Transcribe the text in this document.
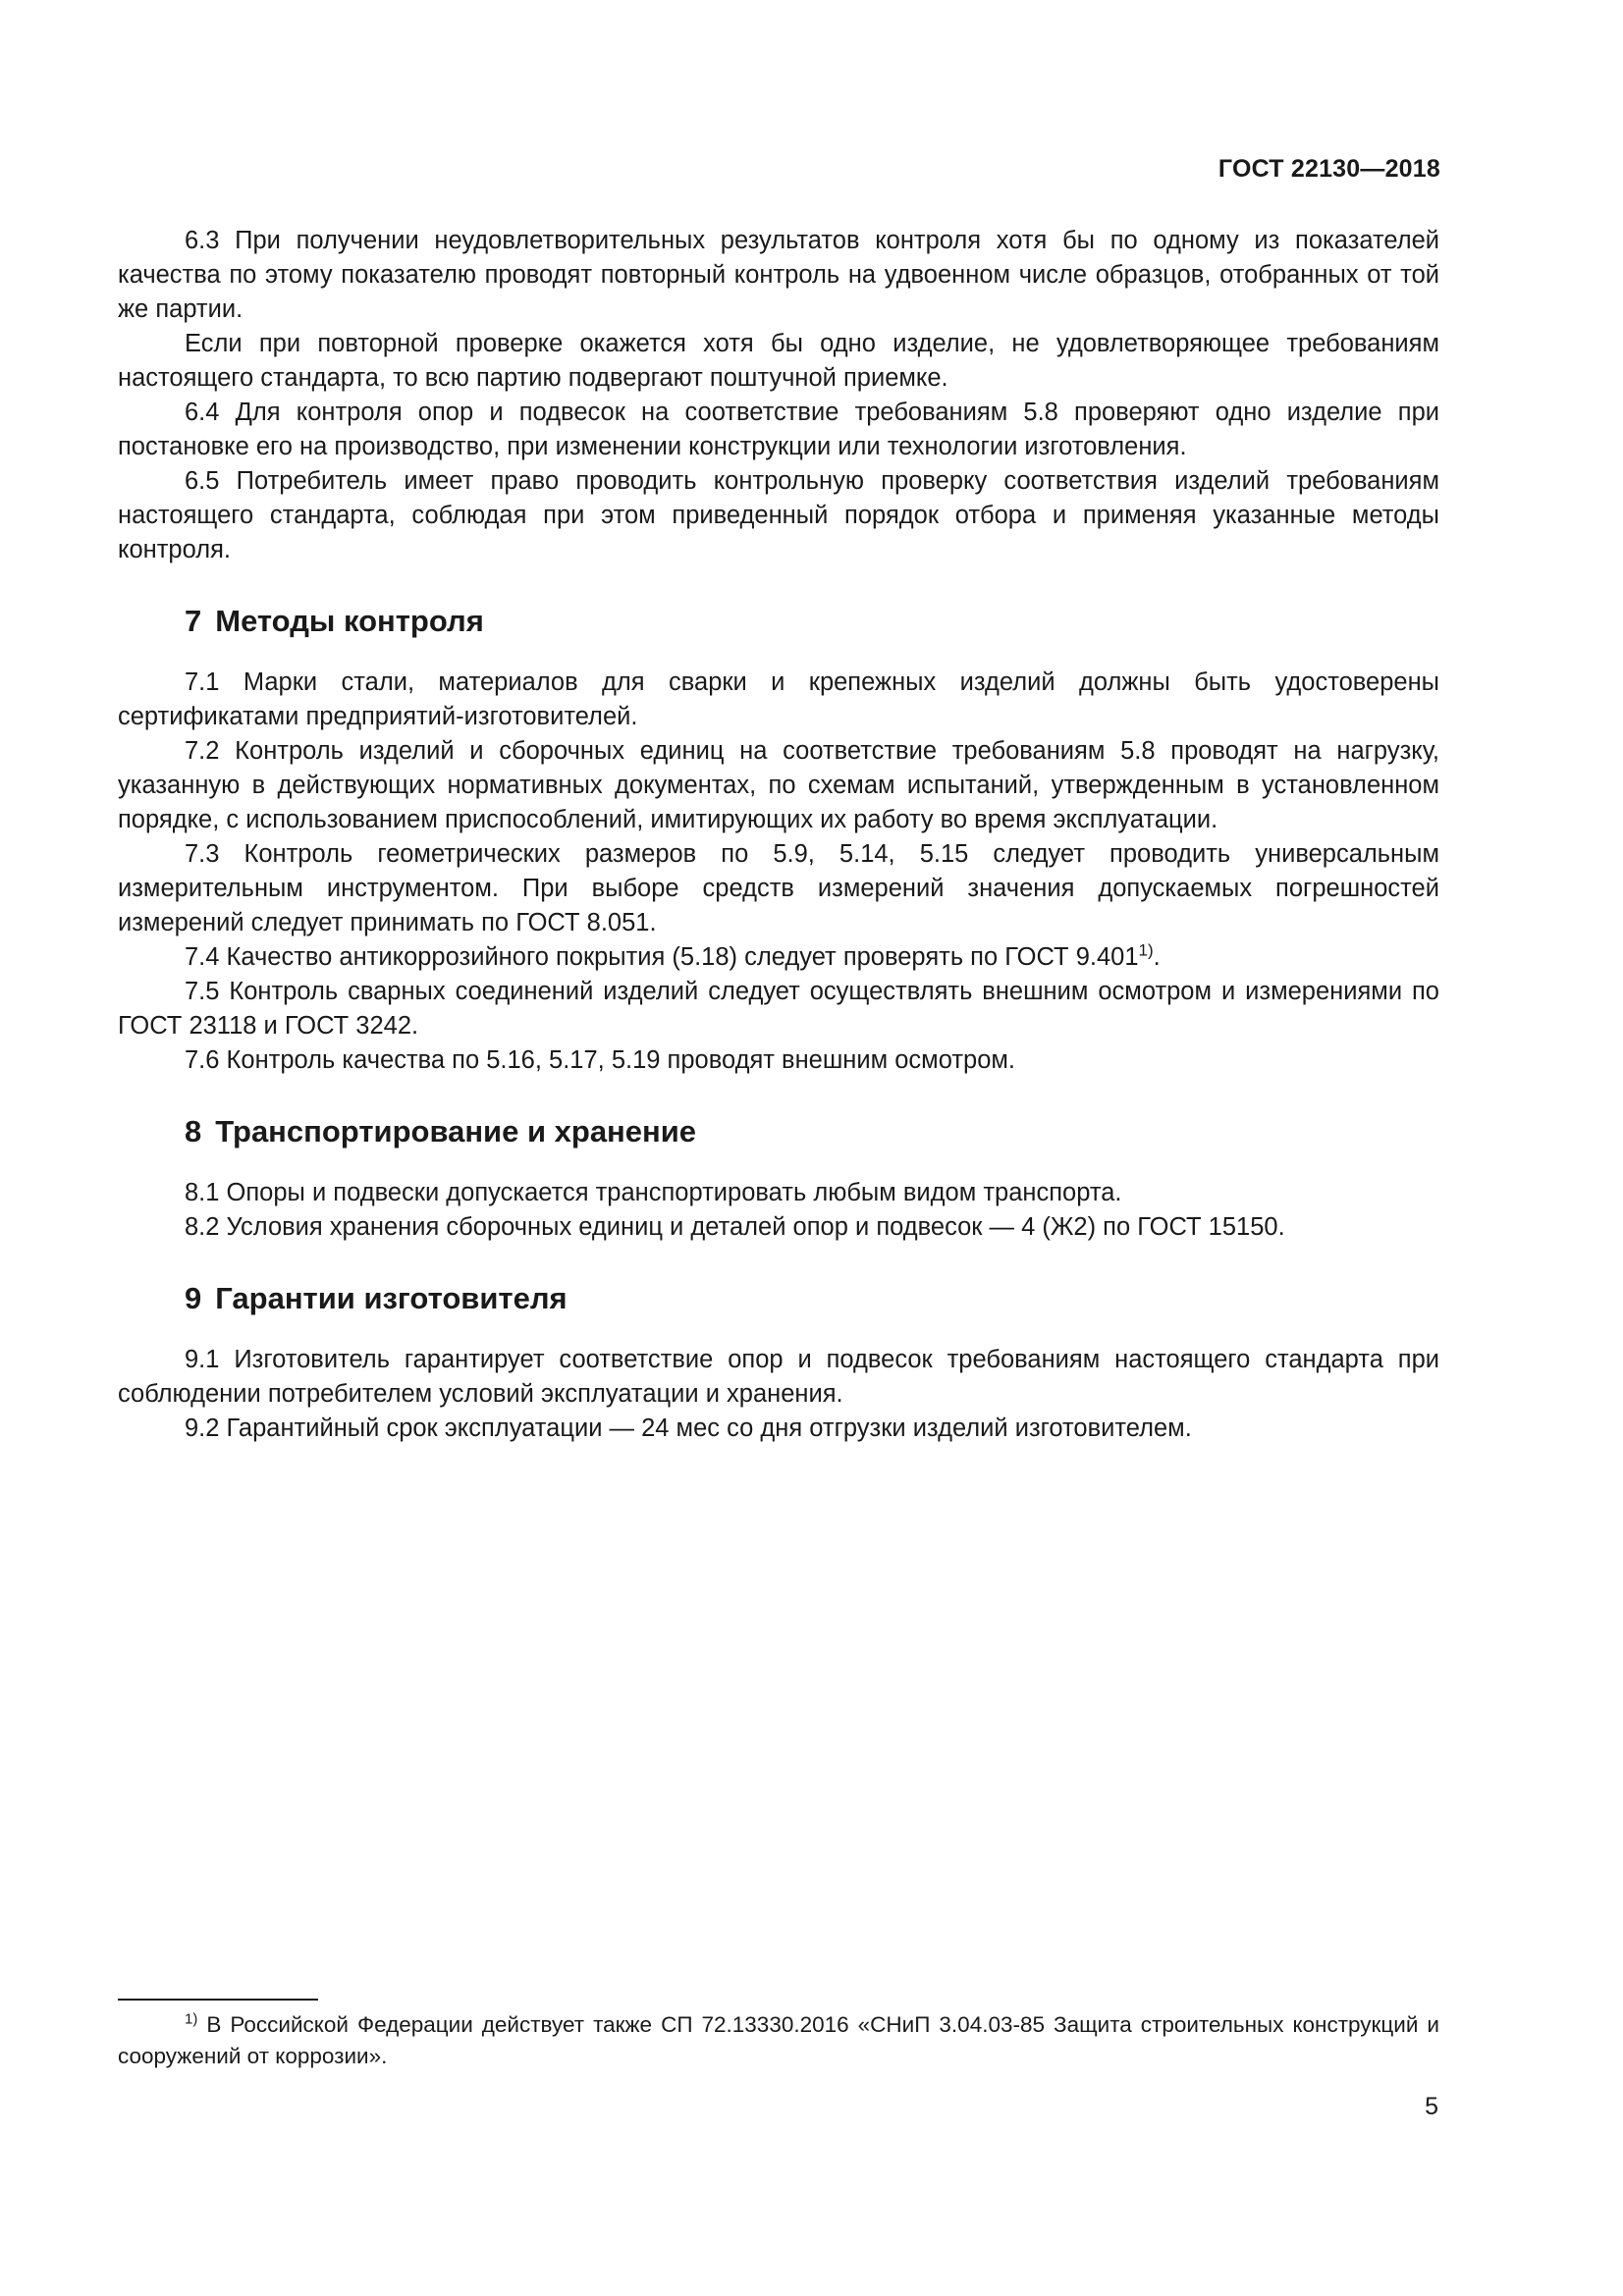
ГОСТ 22130—2018

6.3 При получении неудовлетворительных результатов контроля хотя бы по одному из показателей качества по этому показателю проводят повторный контроль на удвоенном числе образцов, отобранных от той же партии.

Если при повторной проверке окажется хотя бы одно изделие, не удовлетворяющее требованиям настоящего стандарта, то всю партию подвергают поштучной приемке.

6.4 Для контроля опор и подвесок на соответствие требованиям 5.8 проверяют одно изделие при постановке его на производство, при изменении конструкции или технологии изготовления.

6.5 Потребитель имеет право проводить контрольную проверку соответствия изделий требованиям настоящего стандарта, соблюдая при этом приведенный порядок отбора и применяя указанные методы контроля.

7 Методы контроля

7.1 Марки стали, материалов для сварки и крепежных изделий должны быть удостоверены сертификатами предприятий-изготовителей.

7.2 Контроль изделий и сборочных единиц на соответствие требованиям 5.8 проводят на нагрузку, указанную в действующих нормативных документах, по схемам испытаний, утвержденным в установленном порядке, с использованием приспособлений, имитирующих их работу во время эксплуатации.

7.3 Контроль геометрических размеров по 5.9, 5.14, 5.15 следует проводить универсальным измерительным инструментом. При выборе средств измерений значения допускаемых погрешностей измерений следует принимать по ГОСТ 8.051.

7.4 Качество антикоррозийного покрытия (5.18) следует проверять по ГОСТ 9.401$^{1)}$.

7.5 Контроль сварных соединений изделий следует осуществлять внешним осмотром и измерениями по ГОСТ 23118 и ГОСТ 3242.

7.6 Контроль качества по 5.16, 5.17, 5.19 проводят внешним осмотром.

8 Транспортирование и хранение

8.1 Опоры и подвески допускается транспортировать любым видом транспорта.

8.2 Условия хранения сборочных единиц и деталей опор и подвесок — 4 (Ж2) по ГОСТ 15150.

9 Гарантии изготовителя

9.1 Изготовитель гарантирует соответствие опор и подвесок требованиям настоящего стандарта при соблюдении потребителем условий эксплуатации и хранения.

9.2 Гарантийный срок эксплуатации — 24 мес со дня отгрузки изделий изготовителем.

$^{1)}$ В Российской Федерации действует также СП 72.13330.2016 «СНиП 3.04.03-85 Защита строительных конструкций и сооружений от коррозии».

5
